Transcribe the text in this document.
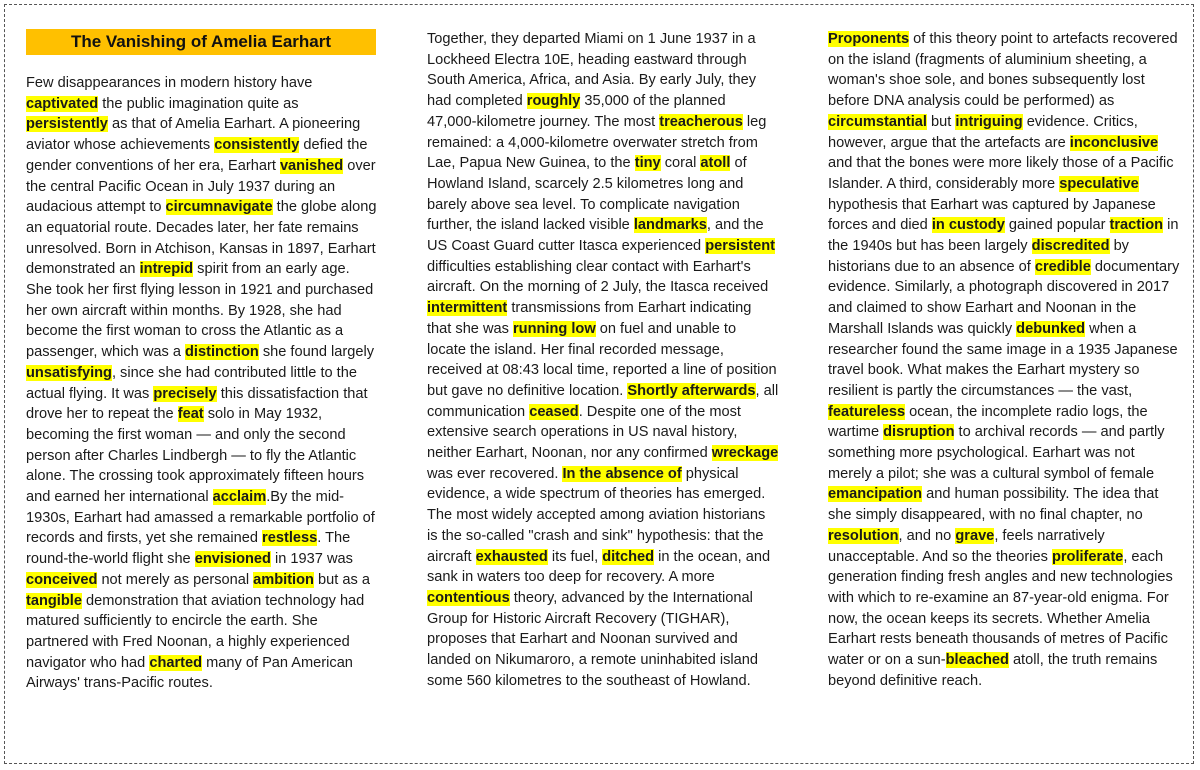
The Vanishing of Amelia Earhart

Few disappearances in modern history have captivated the public imagination quite as persistently as that of Amelia Earhart. A pioneering aviator whose achievements consistently defied the gender conventions of her era, Earhart vanished over the central Pacific Ocean in July 1937 during an audacious attempt to circumnavigate the globe along an equatorial route. Decades later, her fate remains unresolved. Born in Atchison, Kansas in 1897, Earhart demonstrated an intrepid spirit from an early age. She took her first flying lesson in 1921 and purchased her own aircraft within months. By 1928, she had become the first woman to cross the Atlantic as a passenger, which was a distinction she found largely unsatisfying, since she had contributed little to the actual flying. It was precisely this dissatisfaction that drove her to repeat the feat solo in May 1932, becoming the first woman — and only the second person after Charles Lindbergh — to fly the Atlantic alone. The crossing took approximately fifteen hours and earned her international acclaim.By the mid-1930s, Earhart had amassed a remarkable portfolio of records and firsts, yet she remained restless. The round-the-world flight she envisioned in 1937 was conceived not merely as personal ambition but as a tangible demonstration that aviation technology had matured sufficiently to encircle the earth. She partnered with Fred Noonan, a highly experienced navigator who had charted many of Pan American Airways' trans-Pacific routes.

Together, they departed Miami on 1 June 1937 in a Lockheed Electra 10E, heading eastward through South America, Africa, and Asia. By early July, they had completed roughly 35,000 of the planned 47,000-kilometre journey. The most treacherous leg remained: a 4,000-kilometre overwater stretch from Lae, Papua New Guinea, to the tiny coral atoll of Howland Island, scarcely 2.5 kilometres long and barely above sea level. To complicate navigation further, the island lacked visible landmarks, and the US Coast Guard cutter Itasca experienced persistent difficulties establishing clear contact with Earhart's aircraft. On the morning of 2 July, the Itasca received intermittent transmissions from Earhart indicating that she was running low on fuel and unable to locate the island. Her final recorded message, received at 08:43 local time, reported a line of position but gave no definitive location. Shortly afterwards, all communication ceased. Despite one of the most extensive search operations in US naval history, neither Earhart, Noonan, nor any confirmed wreckage was ever recovered. In the absence of physical evidence, a wide spectrum of theories has emerged. The most widely accepted among aviation historians is the so-called "crash and sink" hypothesis: that the aircraft exhausted its fuel, ditched in the ocean, and sank in waters too deep for recovery. A more contentious theory, advanced by the International Group for Historic Aircraft Recovery (TIGHAR), proposes that Earhart and Noonan survived and landed on Nikumaroro, a remote uninhabited island some 560 kilometres to the southeast of Howland.

Proponents of this theory point to artefacts recovered on the island (fragments of aluminium sheeting, a woman's shoe sole, and bones subsequently lost before DNA analysis could be performed) as circumstantial but intriguing evidence. Critics, however, argue that the artefacts are inconclusive and that the bones were more likely those of a Pacific Islander. A third, considerably more speculative hypothesis that Earhart was captured by Japanese forces and died in custody gained popular traction in the 1940s but has been largely discredited by historians due to an absence of credible documentary evidence. Similarly, a photograph discovered in 2017 and claimed to show Earhart and Noonan in the Marshall Islands was quickly debunked when a researcher found the same image in a 1935 Japanese travel book. What makes the Earhart mystery so resilient is partly the circumstances — the vast, featureless ocean, the incomplete radio logs, the wartime disruption to archival records — and partly something more psychological. Earhart was not merely a pilot; she was a cultural symbol of female emancipation and human possibility. The idea that she simply disappeared, with no final chapter, no resolution, and no grave, feels narratively unacceptable. And so the theories proliferate, each generation finding fresh angles and new technologies with which to re-examine an 87-year-old enigma. For now, the ocean keeps its secrets. Whether Amelia Earhart rests beneath thousands of metres of Pacific water or on a sun-bleached atoll, the truth remains beyond definitive reach.
